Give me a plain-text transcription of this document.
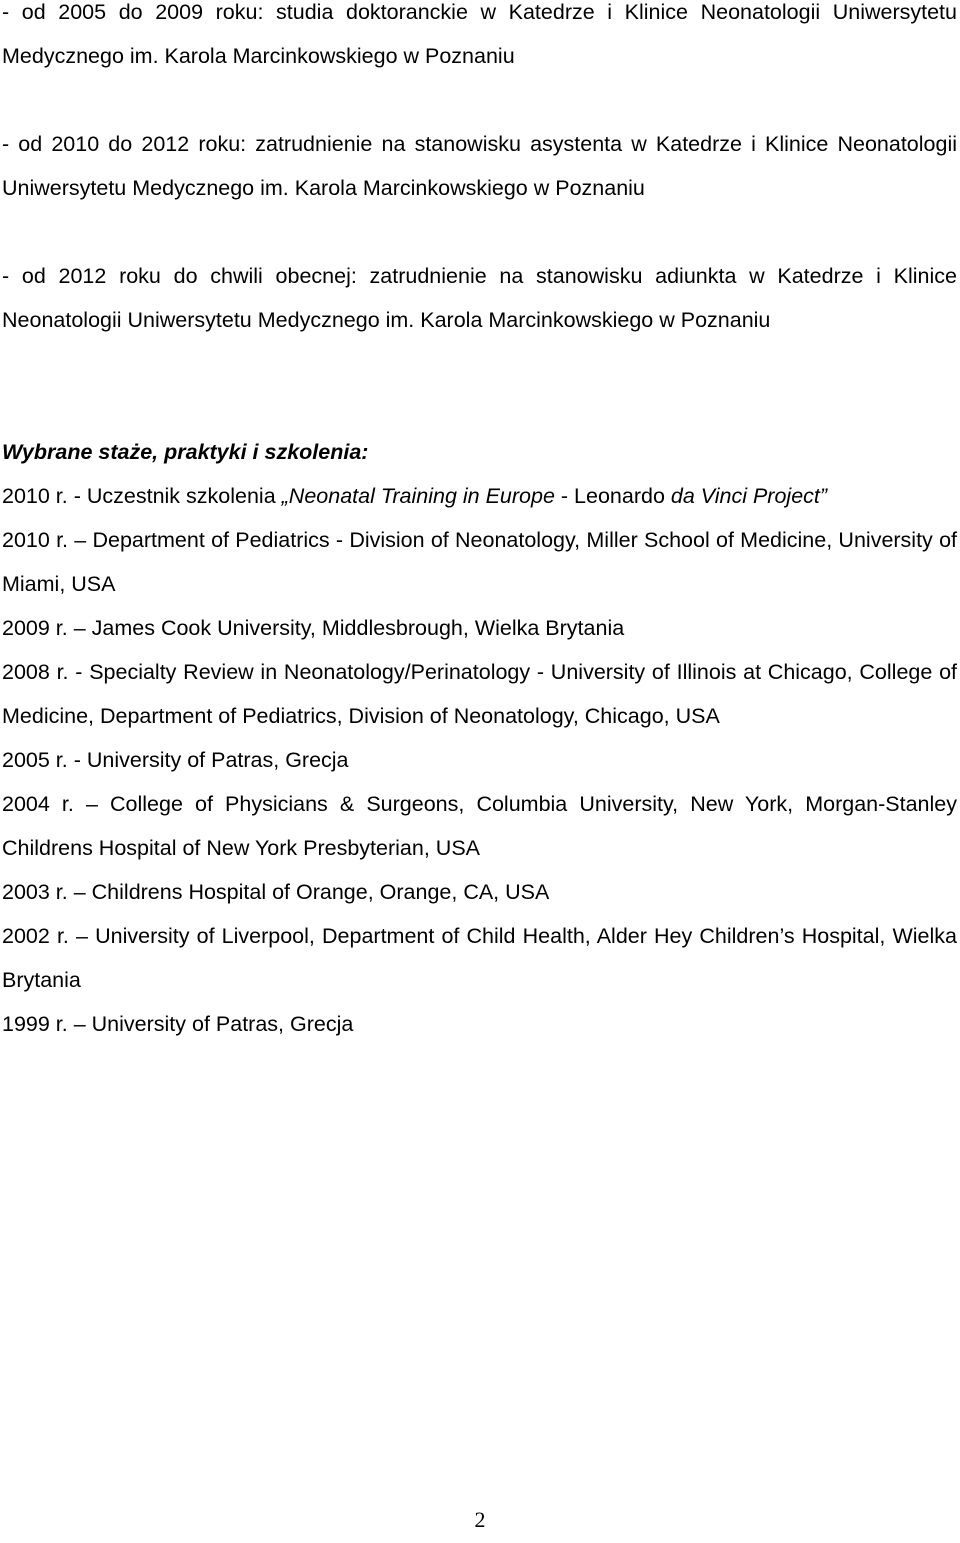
- od 2005 do 2009 roku: studia doktoranckie w Katedrze i Klinice Neonatologii Uniwersytetu Medycznego im. Karola Marcinkowskiego w Poznaniu

- od 2010 do 2012 roku: zatrudnienie na stanowisku asystenta w Katedrze i Klinice Neonatologii Uniwersytetu Medycznego im. Karola Marcinkowskiego w Poznaniu

- od 2012 roku do chwili obecnej: zatrudnienie na stanowisku adiunkta w Katedrze i Klinice Neonatologii Uniwersytetu Medycznego im. Karola Marcinkowskiego w Poznaniu

Wybrane staże, praktyki i szkolenia:

2010 r. - Uczestnik szkolenia „Neonatal Training in Europe - Leonardo da Vinci Project”

2010 r. – Department of Pediatrics - Division of Neonatology, Miller School of Medicine, University of Miami, USA

2009 r. – James Cook University, Middlesbrough, Wielka Brytania

2008 r. - Specialty Review in Neonatology/Perinatology - University of Illinois at Chicago, College of Medicine, Department of Pediatrics, Division of Neonatology, Chicago, USA

2005 r. - University of Patras, Grecja

2004 r. – College of Physicians & Surgeons, Columbia University, New York, Morgan-Stanley Childrens Hospital of New York Presbyterian, USA

2003 r. – Childrens Hospital of Orange, Orange, CA, USA

2002 r. – University of Liverpool, Department of Child Health, Alder Hey Children’s Hospital, Wielka Brytania

1999 r. – University of Patras, Grecja

2
